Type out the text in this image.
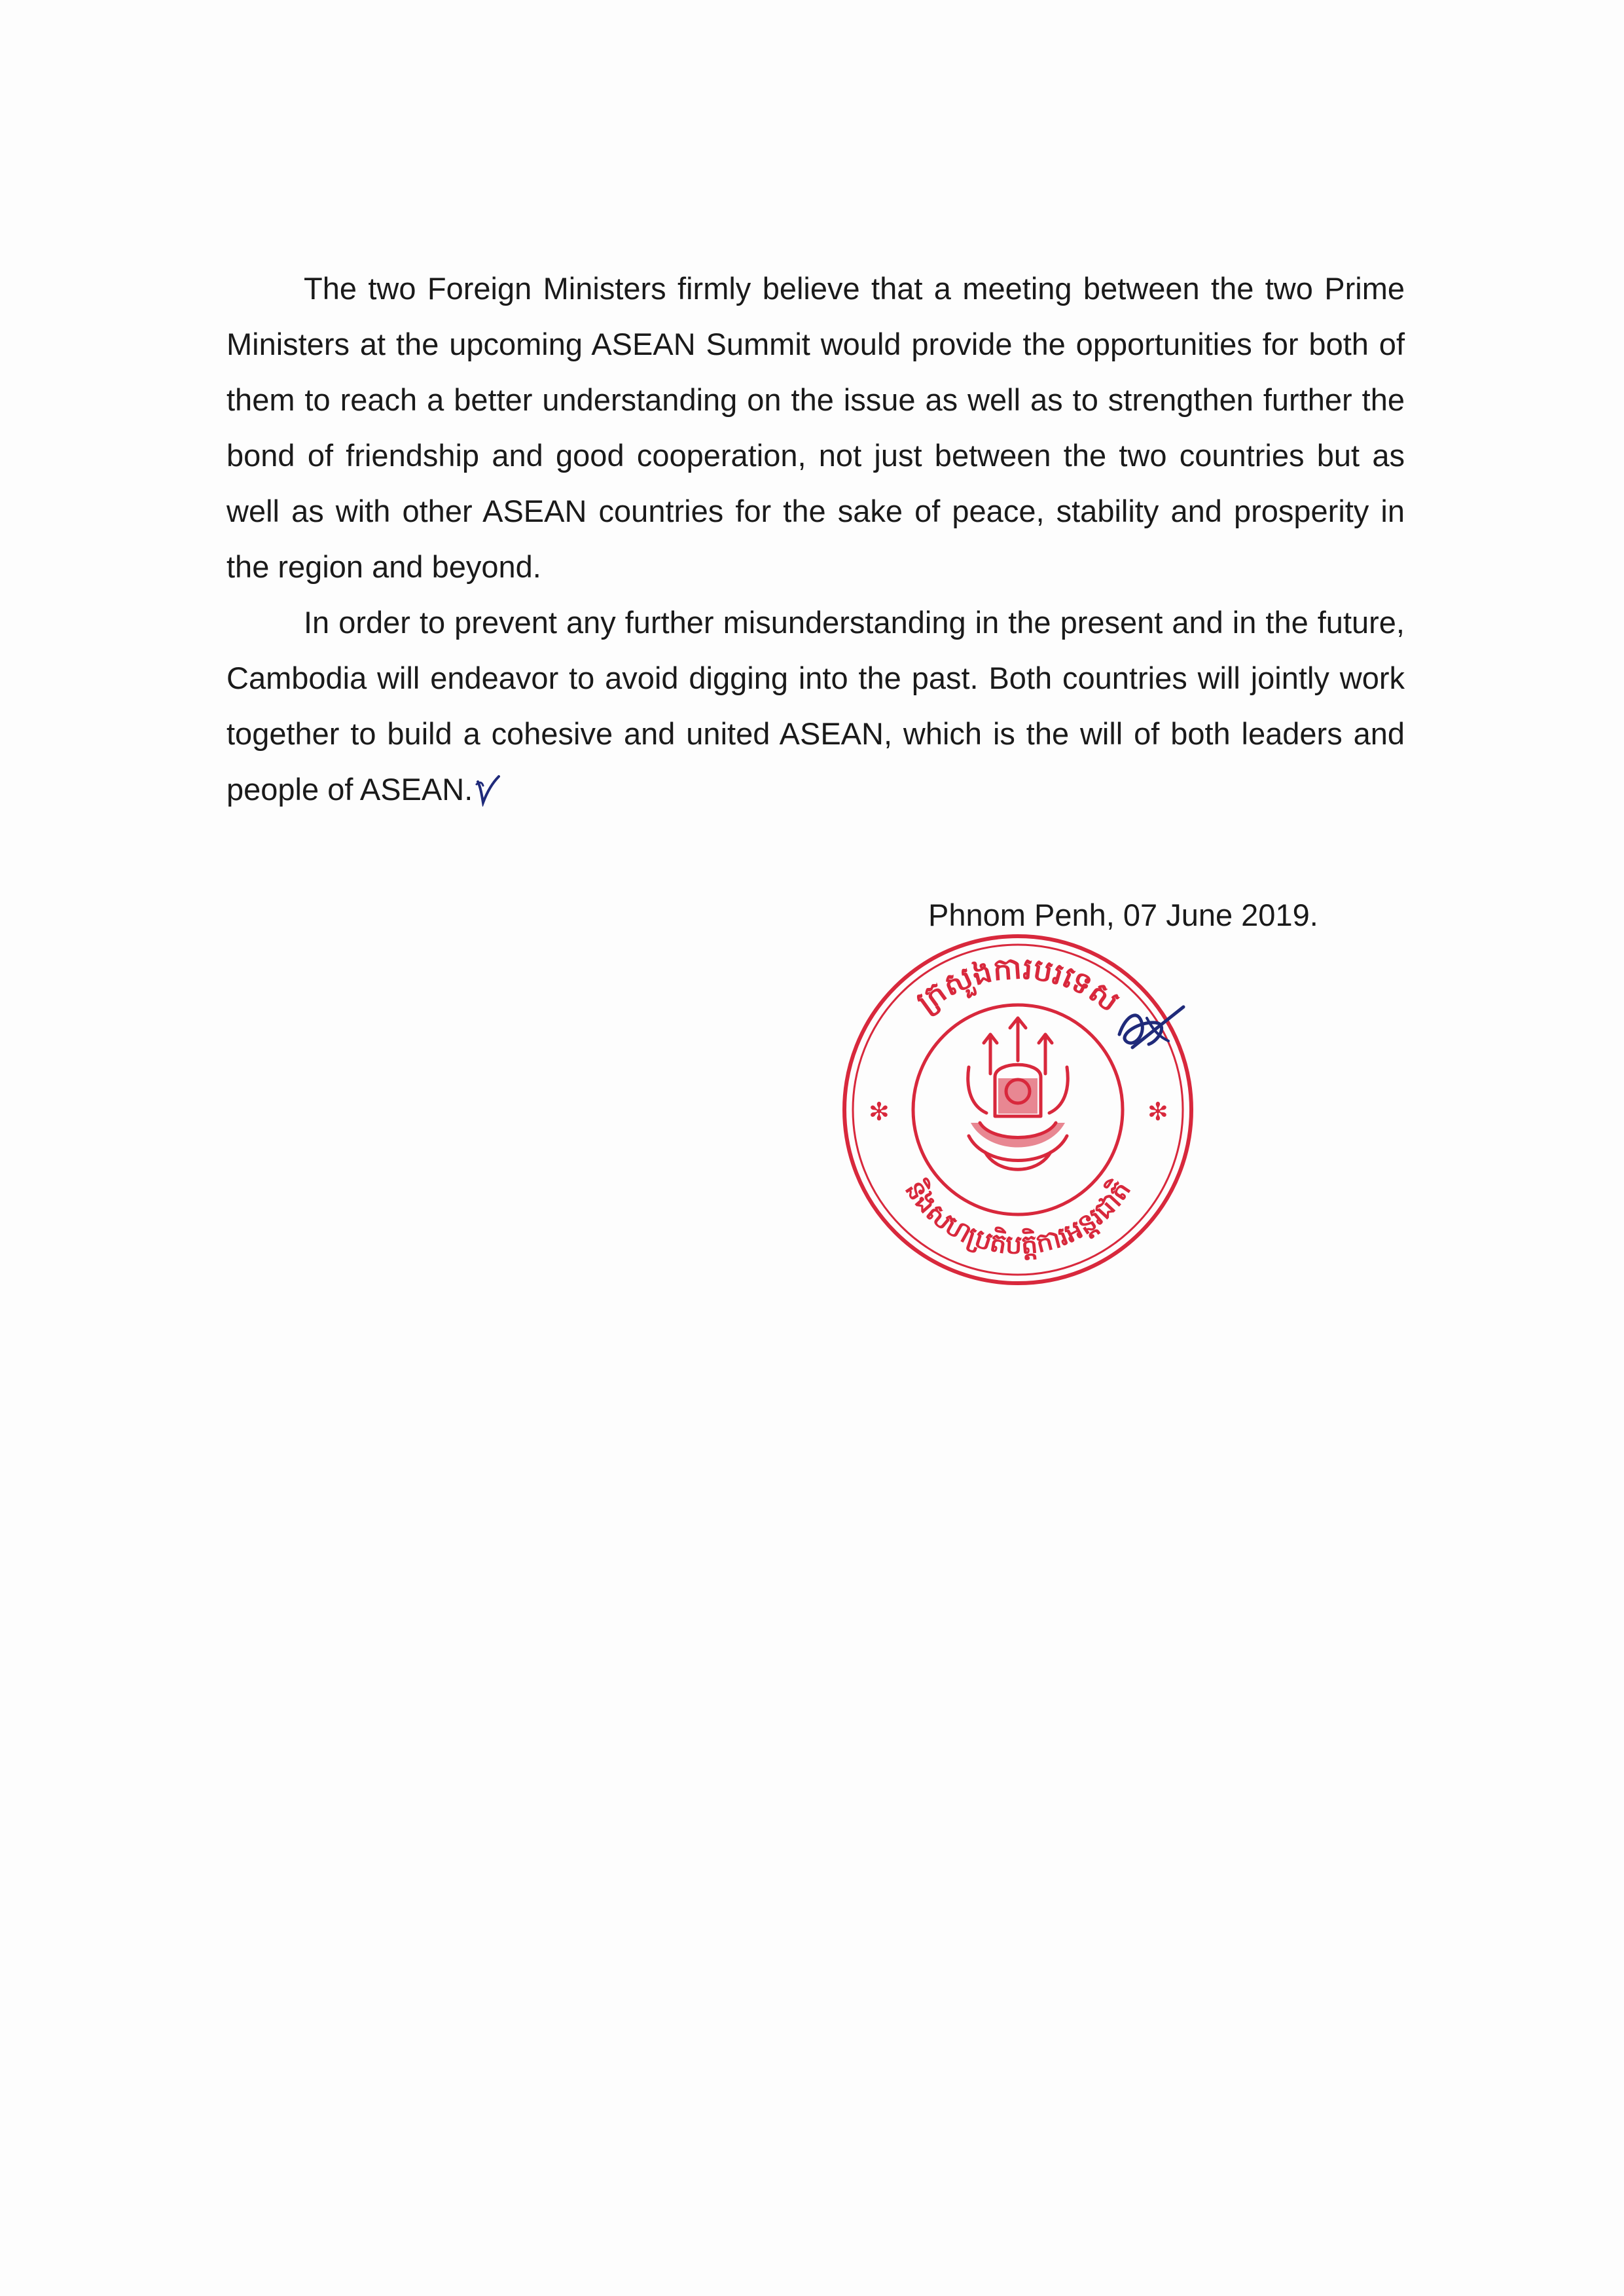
The two Foreign Ministers firmly believe that a meeting between the two Prime Ministers at the upcoming ASEAN Summit would provide the opportunities for both of them to reach a better understanding on the issue as well as to strengthen further the bond of friendship and good cooperation, not just between the two countries but as well as with other ASEAN countries for the sake of peace, stability and prosperity in the region and beyond.

In order to prevent any further misunderstanding in the present and in the future, Cambodia will endeavor to avoid digging into the past. Both countries will jointly work together to build a cohesive and united ASEAN, which is the will of both leaders and people of ASEAN.

Phnom Penh, 07 June 2019.
ក្រសួងការបរទេស
និងសហប្រតិបត្តិការអន្តរជាតិ
✻	✻
